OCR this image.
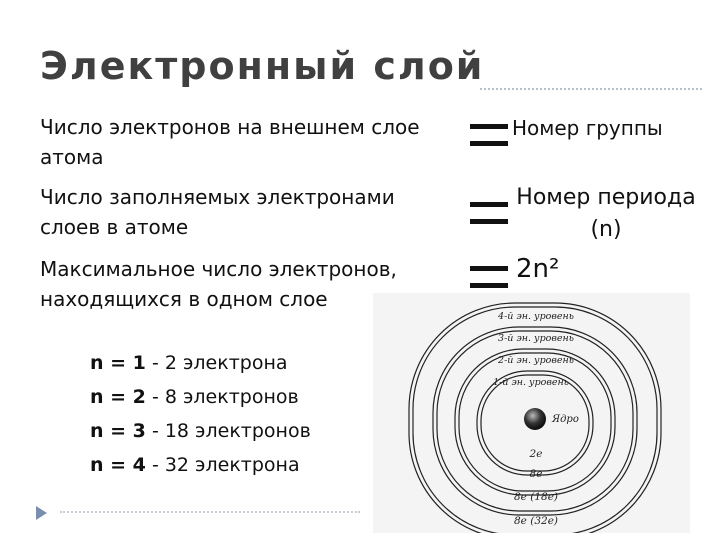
Электронный слой
Число электронов на внешнем слое атома
Номер группы
Число заполняемых электронами слоев в атоме
Номер периода (n)
Максимальное число электронов, находящихся в одном слое
2n²
n = 1 - 2 электрона
n = 2 - 8 электронов
n = 3 - 18 электронов
n = 4 - 32 электрона
4-й эн. уровень
3-й эн. уровень
2-й эн. уровень
1-й эн. уровень
Ядро
2e
8e
8e (18e)
8e (32e)
